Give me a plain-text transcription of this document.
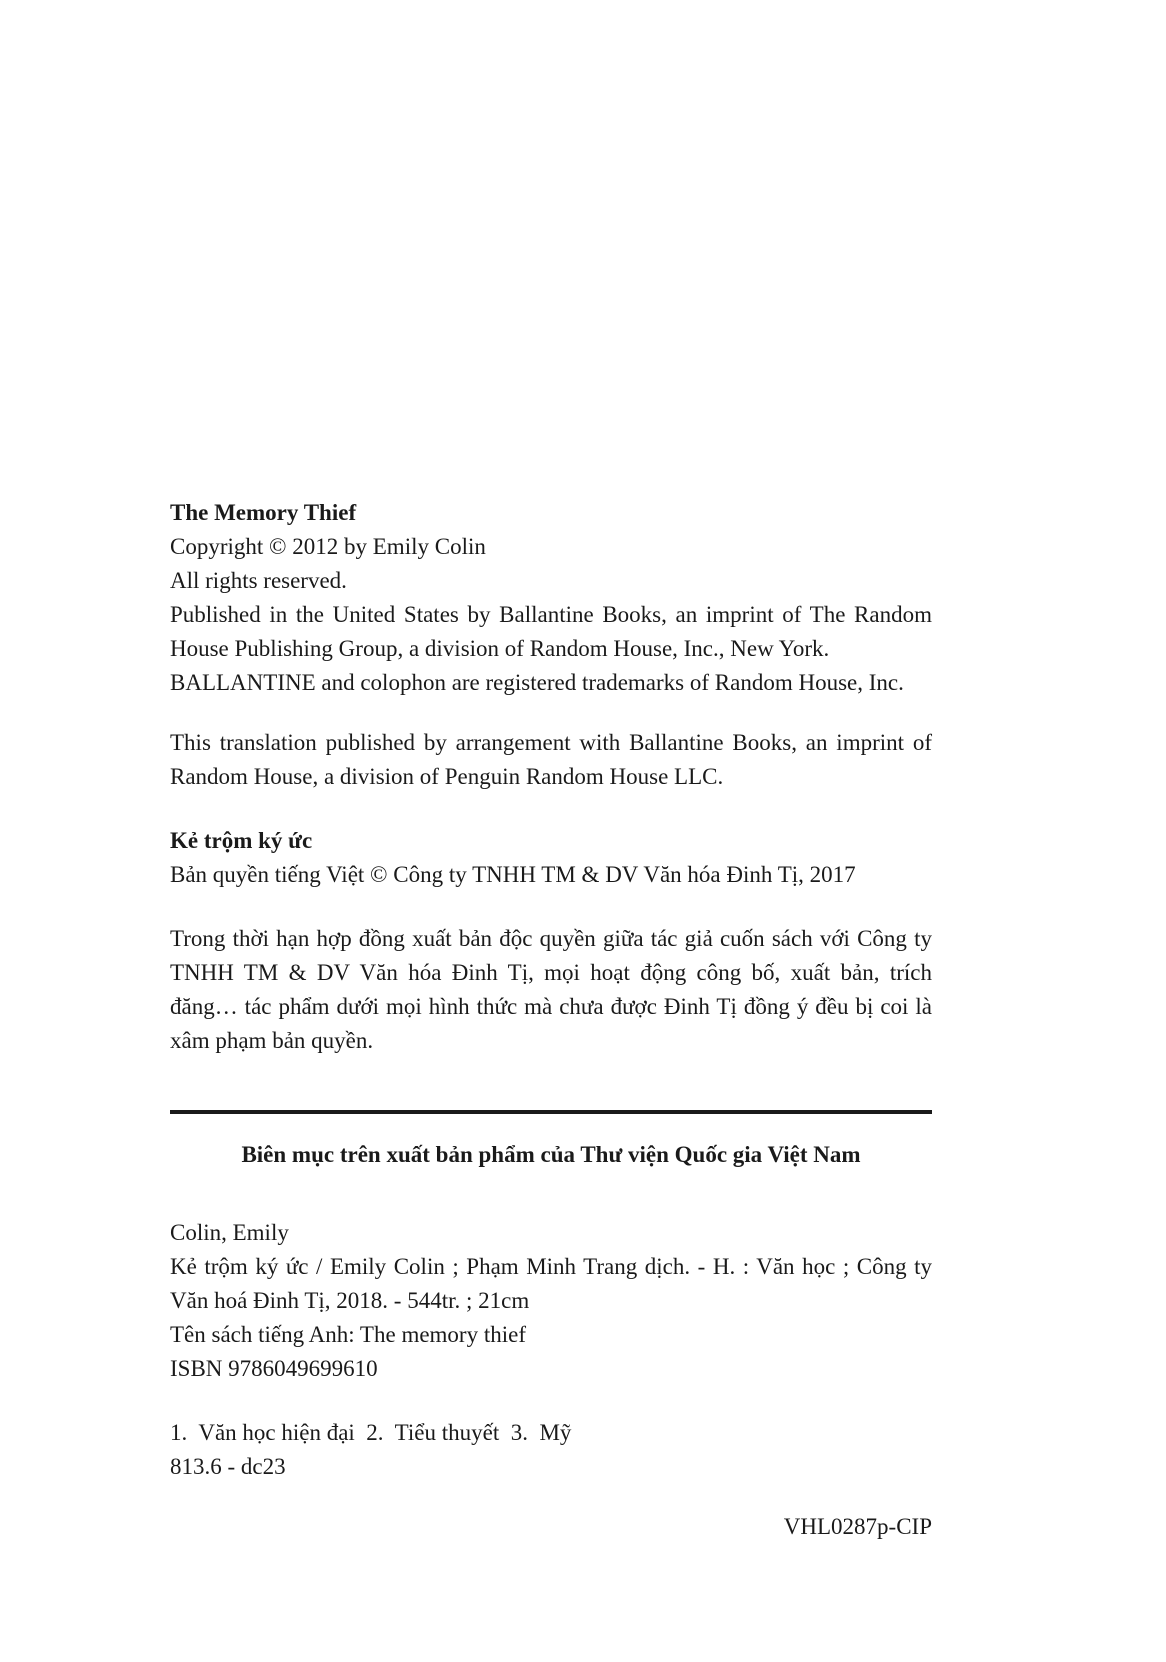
The Memory Thief
Copyright © 2012 by Emily Colin
All rights reserved.
Published in the United States by Ballantine Books, an imprint of The Random House Publishing Group, a division of Random House, Inc., New York.
BALLANTINE and colophon are registered trademarks of Random House, Inc.
This translation published by arrangement with Ballantine Books, an imprint of Random House, a division of Penguin Random House LLC.
Kẻ trộm ký ức
Bản quyền tiếng Việt © Công ty TNHH TM & DV Văn hóa Đinh Tị, 2017
Trong thời hạn hợp đồng xuất bản độc quyền giữa tác giả cuốn sách với Công ty TNHH TM & DV Văn hóa Đinh Tị, mọi hoạt động công bố, xuất bản, trích đăng… tác phẩm dưới mọi hình thức mà chưa được Đinh Tị đồng ý đều bị coi là xâm phạm bản quyền.
Biên mục trên xuất bản phẩm của Thư viện Quốc gia Việt Nam
Colin, Emily
Kẻ trộm ký ức / Emily Colin ; Phạm Minh Trang dịch. - H. : Văn học ; Công ty Văn hoá Đinh Tị, 2018. - 544tr. ; 21cm
Tên sách tiếng Anh: The memory thief
ISBN 9786049699610
1.  Văn học hiện đại  2.  Tiểu thuyết  3.  Mỹ
813.6 - dc23
VHL0287p-CIP
